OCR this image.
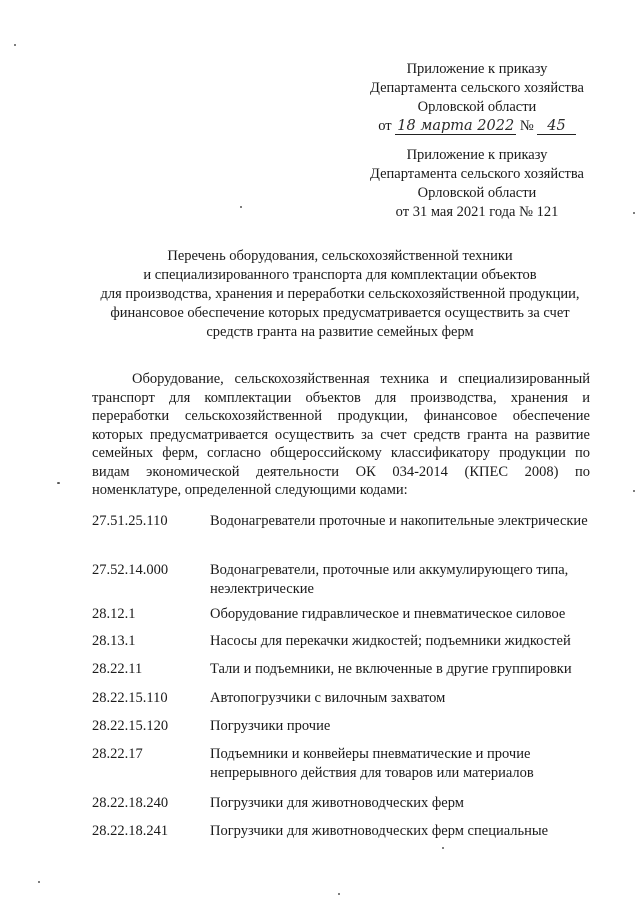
Приложение к приказу
Департамента сельского хозяйства
Орловской области
от 18 марта 2022 № 45
Приложение к приказу
Департамента сельского хозяйства
Орловской области
от 31 мая 2021 года № 121
Перечень оборудования, сельскохозяйственной техники
и специализированного транспорта для комплектации объектов
для производства, хранения и переработки сельскохозяйственной продукции,
финансовое обеспечение которых предусматривается осуществить за счет
средств гранта на развитие семейных ферм
Оборудование, сельскохозяйственная техника и специализированный транспорт для комплектации объектов для производства, хранения и переработки сельскохозяйственной продукции, финансовое обеспечение которых предусматривается осуществить за счет средств гранта на развитие семейных ферм, согласно общероссийскому классификатору продукции по видам экономической деятельности ОК 034-2014 (КПЕС 2008) по номенклатуре, определенной следующими кодами:
27.51.25.110	Водонагреватели проточные и накопительные электрические
27.52.14.000	Водонагреватели, проточные или аккумулирующего типа, неэлектрические
28.12.1	Оборудование гидравлическое и пневматическое силовое
28.13.1	Насосы для перекачки жидкостей; подъемники жидкостей
28.22.11	Тали и подъемники, не включенные в другие группировки
28.22.15.110	Автопогрузчики с вилочным захватом
28.22.15.120	Погрузчики прочие
28.22.17	Подъемники и конвейеры пневматические и прочие непрерывного действия для товаров или материалов
28.22.18.240	Погрузчики для животноводческих ферм
28.22.18.241	Погрузчики для животноводческих ферм специальные
